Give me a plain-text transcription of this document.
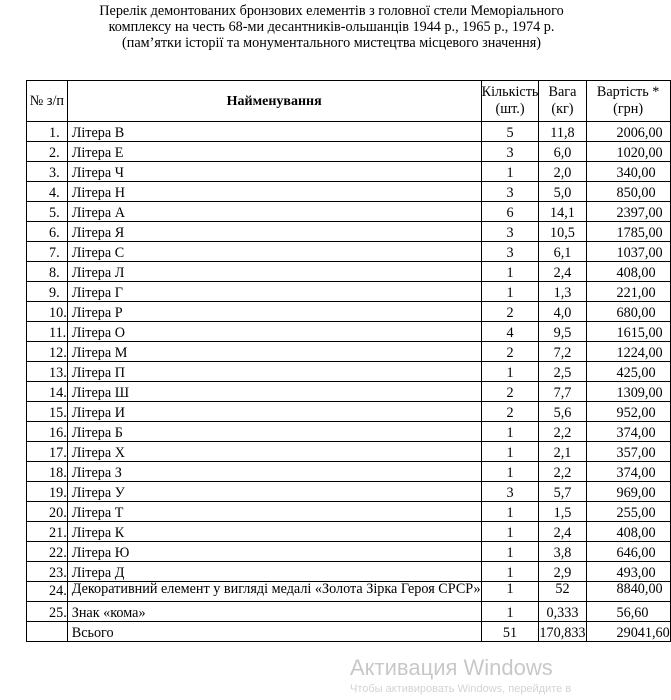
Перелік демонтованих бронзових елементів з головної стели Меморіального
комплексу на честь 68-ми десантників-ольшанців 1944 р., 1965 р., 1974 р.
(пам’ятки історії та монументального мистецтва місцевого значення)
№ з/п	Найменування	Кількість (шт.)	Вага (кг)	Вартість * (грн)
1.	Літера В	5	11,8	2006,00
2.	Літера Е	3	6,0	1020,00
3.	Літера Ч	1	2,0	340,00
4.	Літера Н	3	5,0	850,00
5.	Літера А	6	14,1	2397,00
6.	Літера Я	3	10,5	1785,00
7.	Літера С	3	6,1	1037,00
8.	Літера Л	1	2,4	408,00
9.	Літера Г	1	1,3	221,00
10.	Літера Р	2	4,0	680,00
11.	Літера О	4	9,5	1615,00
12.	Літера М	2	7,2	1224,00
13.	Літера П	1	2,5	425,00
14.	Літера Ш	2	7,7	1309,00
15.	Літера И	2	5,6	952,00
16.	Літера Б	1	2,2	374,00
17.	Літера Х	1	2,1	357,00
18.	Літера З	1	2,2	374,00
19.	Літера У	3	5,7	969,00
20.	Літера Т	1	1,5	255,00
21.	Літера К	1	2,4	408,00
22.	Літера Ю	1	3,8	646,00
23.	Літера Д	1	2,9	493,00
24.	Декоративний елемент у вигляді медалі «Золота Зірка Героя СРСР»	1	52	8840,00
25.	Знак «кома»	1	0,333	56,60
	Всього	51	170,833	29041,60
Активация Windows
Чтобы активировать Windows, перейдите в
